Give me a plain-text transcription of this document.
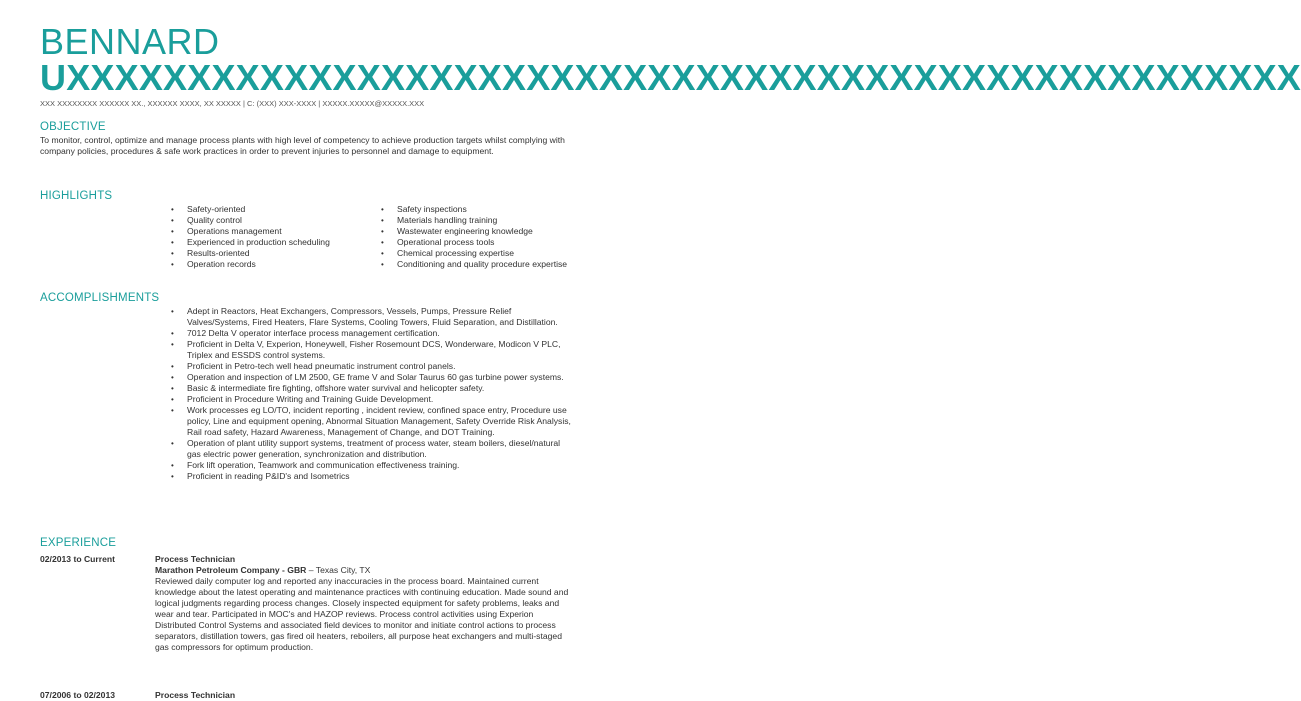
BENNARD
UXXXXXXXXXXXXXXXXXXXXXXXXXXXXXXXXXXXXXXXXXXXXXXXXXXX
XXX XXXXXXXX XXXXXX XX., XXXXXX XXXX, XX XXXXX | C: (XXX) XXX-XXXX | XXXXX.XXXXX@XXXXX.XXX
OBJECTIVE
To monitor, control, optimize and manage process plants with high level of competency to achieve production targets whilst complying with company policies, procedures & safe work practices in order to prevent injuries to personnel and damage to equipment.
HIGHLIGHTS
• Safety-oriented
• Quality control
• Operations management
• Experienced in production scheduling
• Results-oriented
• Operation records
• Safety inspections
• Materials handling training
• Wastewater engineering knowledge
• Operational process tools
• Chemical processing expertise
• Conditioning and quality procedure expertise
ACCOMPLISHMENTS
• Adept in Reactors, Heat Exchangers, Compressors, Vessels, Pumps, Pressure Relief Valves/Systems, Fired Heaters, Flare Systems, Cooling Towers, Fluid Separation, and Distillation.
• 7012 Delta V operator interface process management certification.
• Proficient in Delta V, Experion, Honeywell, Fisher Rosemount DCS, Wonderware, Modicon V PLC, Triplex and ESSDS control systems.
• Proficient in Petro-tech well head pneumatic instrument control panels.
• Operation and inspection of LM 2500, GE frame V and Solar Taurus 60 gas turbine power systems.
• Basic & intermediate fire fighting, offshore water survival and helicopter safety.
• Proficient in Procedure Writing and Training Guide Development.
• Work processes eg LO/TO, incident reporting , incident review, confined space entry, Procedure use policy, Line and equipment opening, Abnormal Situation Management, Safety Override Risk Analysis, Rail road safety, Hazard Awareness, Management of Change, and DOT Training.
• Operation of plant utility support systems, treatment of process water, steam boilers, diesel/natural gas electric power generation, synchronization and distribution.
• Fork lift operation, Teamwork and communication effectiveness training.
• Proficient in reading P&ID's and Isometrics
EXPERIENCE
02/2013 to Current	Process Technician
Marathon Petroleum Company - GBR – Texas City, TX
Reviewed daily computer log and reported any inaccuracies in the process board. Maintained current knowledge about the latest operating and maintenance practices with continuing education. Made sound and logical judgments regarding process changes. Closely inspected equipment for safety problems, leaks and wear and tear. Participated in MOC's and HAZOP reviews. Process control activities using Experion Distributed Control Systems and associated field devices to monitor and initiate control actions to process separators, distillation towers, gas fired oil heaters, reboilers, all purpose heat exchangers and multi-staged gas compressors for optimum production.
07/2006 to 02/2013	Process Technician
